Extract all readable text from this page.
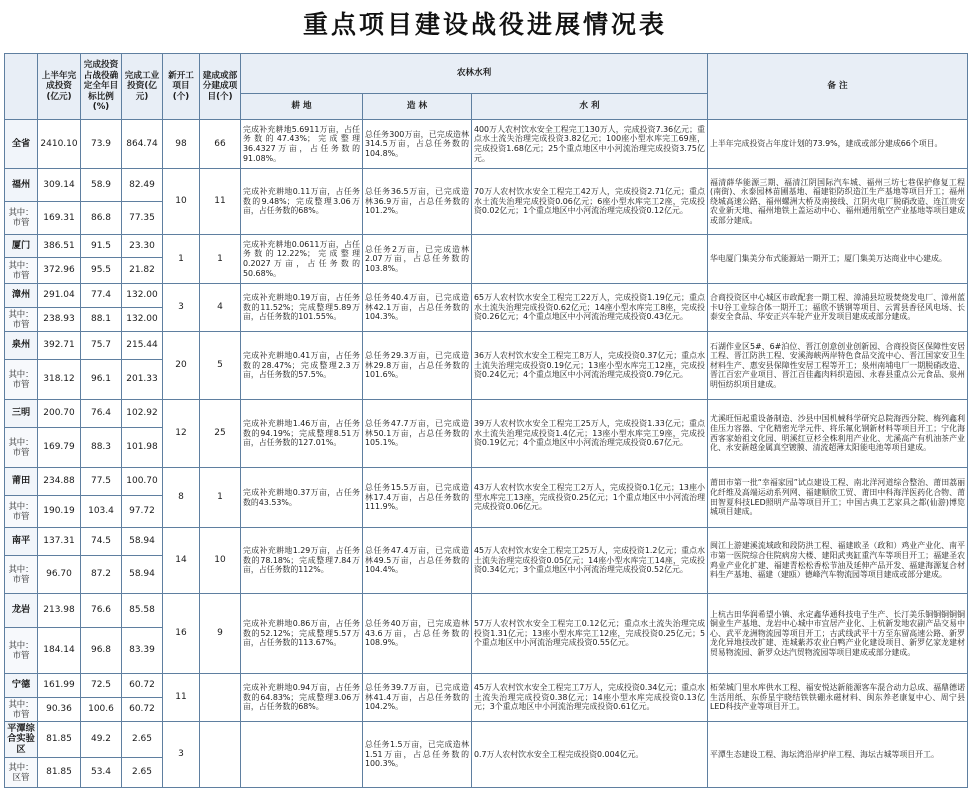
重点项目建设战役进展情况表
	上半年完成投资(亿元)	完成投资占战役确定全年目标比例(%)	完成工业投资(亿元)	新开工项目(个)	建成或部分建成项目(个)	农林水利			备 注
						耕 地	造 林	水 利	
全省	2410.10	73.9	864.74	98	66	完成补充耕地5.6911万亩，占任务数的47.43%；完成整理36.4327万亩，占任务数的91.08%。	总任务300万亩，已完成造林314.5万亩，占总任务数的104.8%。	400万人农村饮水安全工程完工130万人，完成投资7.36亿元；重点水土流失治理完成投资3.82亿元；100座小型水库完工69座，完成投资1.68亿元；25个重点地区中小河流治理完成投资3.75亿元。	上半年完成投资占年度计划的73.9%，建成或部分建成66个项目。
福州	309.14	58.9	82.49	10	11	完成补充耕地0.11万亩，占任务数的9.48%；完成整理3.06万亩，占任务数的68%。	总任务36.5万亩，已完成造林36.9万亩，占总任务数的101.2%。	70万人农村饮水安全工程完工42万人，完成投资2.71亿元；重点水土流失治理完成投资0.06亿元；6座小型水库完工2座，完成投资0.02亿元；1个重点地区中小河流治理完成投资0.12亿元。	福清薛华能源三期、福清江阴国际汽车城、福州三坊七巷保护修复工程(南街)、永泰园林苗圃基地、福建钜防织造江生产基地等项目开工；福州绕城高速公路、福州螺洲大桥及南接线、江阴火电厂脱硝改造、连江贵安农业新天地、福州地铁上盖运动中心、福州通用航空产业基地等项目建成或部分建成。
其中：市管	169.31	86.8	77.35						
厦门	386.51	91.5	23.30	1	1	完成补充耕地0.0611万亩，占任务数的12.22%；完成整理0.2027万亩，占任务数的50.68%。	总任务2万亩，已完成造林2.07万亩，占总任务数的103.8%。		华电厦门集美分布式能源站一期开工；厦门集美万达商业中心建成。
其中：市管	372.96	95.5	21.82						
漳州	291.04	77.4	132.00	3	4	完成补充耕地0.19万亩，占任务数的11.52%；完成整理5.89万亩，占任务数的101.55%。	总任务40.4万亩，已完成造林42.1万亩，占总任务数的104.3%。	65万人农村饮水安全工程完工22万人，完成投资1.19亿元；重点水土流失治理完成投资0.62亿元；14座小型水库完工8座，完成投资0.26亿元；4个重点地区中小河流治理完成投资0.43亿元。	合商投资区中心城区市政配套一期工程、漳浦县垃圾焚烧发电厂、漳州蓝卡U谷工业综合体一期开工；福欣不锈钢等项目、云霄县香径风电场、长泰安全食品、华安正兴车轮产业开发项目建成或部分建成。
其中：市管	238.93	88.1	132.00						
泉州	392.71	75.7	215.44	20	5	完成补充耕地0.41万亩，占任务数的28.47%；完成整理2.3万亩，占任务数的57.5%。	总任务29.3万亩，已完成造林29.8万亩，占总任务数的101.6%。	36万人农村饮水安全工程完工8万人，完成投资0.37亿元；重点水土流失治理完成投资0.19亿元；13座小型水库完工12座，完成投资0.24亿元；4个重点地区中小河流治理完成投资0.79亿元。	石湖作业区5#、6#泊位、晋江创意创业创新园、合商投资区保障性安居工程、晋江防洪工程、安溪海峡两岸特色食品交流中心、晋江国家安卫生材料生产、惠安县保障性安居工程等开工；泉州南埔电厂一期脱硝改造、晋江百宏产业项目、晋江百佳鑫肉料织造园、永春县重点公元食品、泉州明恒纺织项目建成。
其中：市管	318.12	96.1	201.33						
三明	200.70	76.4	102.92	12	25	完成补充耕地1.46万亩，占任务数的94.19%；完成整理8.51万亩，占任务数的127.01%。	总任务47.7万亩，已完成造林50.1万亩，占总任务数的105.1%。	39万人农村饮水安全工程完工25万人，完成投资1.33亿元；重点水土流失治理完成投资1.4亿元；13座小型水库完工9座，完成投资0.19亿元；4个重点地区中小河流治理完成投资0.67亿元。	尤溪旺恒起重设备制造、沙县中国机械科学研究总院海西分院、梅列鑫利佳压力容器、宁化精密光学元件、将乐氟化钢新材料等项目开工；宁化海西客家始祖文化园、明溪红豆杉全株利用产业化、尤溪高产有机油茶产业化、永安新越金属真空镀膜、清流超薄太阳能电池等项目建成。
其中：市管	169.79	88.3	101.98						
莆田	234.88	77.5	100.70	8	1	完成补充耕地0.37万亩，占任务数的43.53%。	总任务15.5万亩，已完成造林17.4万亩，占总任务数的111.9%。	43万人农村饮水安全工程完工2万人，完成投资0.1亿元；13座小型水库完工13座，完成投资0.25亿元；1个重点地区中小河流治理完成投资0.06亿元。	莆田市第一批“幸福家园”试点建设工程、南北洋河道综合整治、莆田荔丽化纤维及高端运动系列网、福建顺欣工贸、莆田中科海洋医药化合物、莆田智夏科技LED照明产品等项目开工；中国古典工艺家具之都(仙游)博览城项目建成。
其中：市管	190.19	103.4	97.72						
南平	137.31	74.5	58.94	14	10	完成补充耕地1.29万亩，占任务数的78.18%；完成整理7.84万亩，占任务数的112%。	总任务47.4万亩，已完成造林49.5万亩，占总任务数的104.4%。	45万人农村饮水安全工程完工25万人，完成投资1.2亿元；重点水土流失治理完成投资0.05亿元；14座小型水库完工14座，完成投资0.34亿元；3个重点地区中小河流治理完成投资0.52亿元。	闽江上游建溪流域政和段防洪工程、福建欧圣（政和）鸡业产业化、南平市第一医院综合住院病房大楼、建阳武夷缸重汽车等项目开工；福建圣农鸡业产业化扩建、福建青松松香松节油及延伸产品开发、福建海源复合材料生产基地、福建（建瓯）德峰汽车物流园等项目建成或部分建成。
其中：市管	96.70	87.2	58.94						
龙岩	213.98	76.6	85.58	16	9	完成补充耕地0.86万亩，占任务数的52.12%；完成整理5.57万亩，占任务数的113.67%。	总任务40万亩，已完成造林43.6万亩，占总任务数的108.9%。	57万人农村饮水安全工程完工0.12亿元；重点水土流失治理完成投资1.31亿元；13座小型水库完工12座，完成投资0.25亿元；5个重点地区中小河流治理完成投资0.55亿元。	上杭古田华润希望小镇、永定鑫华通科技电子生产、长汀美乐铜铜铜铜铜铜业生产基地、龙岩中心城中市宜居产业化、上杭新发地农副产品交易中心、武平龙洲物流园等项目开工；古武线武平十方至东留高速公路、新罗龙化异地技改扩建、连城紫苏农业白鸭产业化建设项目、新罗亿家龙建材贸易物流园、新罗众达汽贸物流园等项目建成或部分建成。
其中：市管	184.14	96.8	83.39						
宁德	161.99	72.5	60.72	11		完成补充耕地0.94万亩，占任务数的64.83%；完成整理3.06万亩，占任务数的68%。	总任务39.7万亩，已完成造林41.4万亩，占总任务数的104.2%。	45万人农村饮水安全工程完工7万人，完成投资0.34亿元；重点水土流失治理完成投资0.38亿元；14座小型水库完成投资0.13亿元；3个重点地区中小河流治理完成投资0.61亿元。	柘荣城门里水库供水工程、福安悦达新能源客车混合动力总成、福鼎德诺生活用纸、东侨星宇晓结铁铁硼永磁材料、闽东养老康复中心、周宁县LED科技产业等项目开工。
其中：市管	90.36	100.6	60.72						
平潭综合实验区	81.85	49.2	2.65	3			总任务1.5万亩，已完成造林1.51万亩，占总任务数的100.3%。	0.7万人农村饮水安全工程完成投资0.004亿元。	平潭生态建设工程、海坛湾沿岸护岸工程、海坛古城等项目开工。
其中：区管	81.85	53.4	2.65						
